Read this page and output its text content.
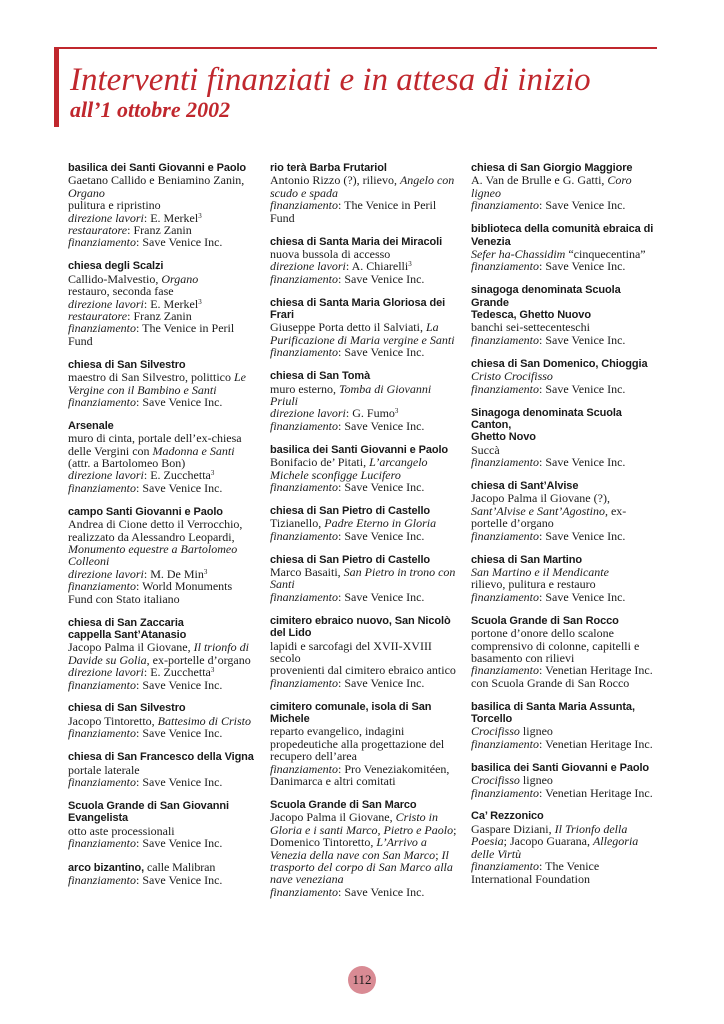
Interventi finanziati e in attesa di inizio
all’1 ottobre 2002
basilica dei Santi Giovanni e Paolo
Gaetano Callido e Beniamino Zanin,
Organo
pulitura e ripristino
direzione lavori: E. Merkel$^3$
restauratore: Franz Zanin
finanziamento: Save Venice Inc.
chiesa degli Scalzi
Callido-Malvestio, Organo
restauro, seconda fase
direzione lavori: E. Merkel$^3$
restauratore: Franz Zanin
finanziamento: The Venice in Peril
Fund
chiesa di San Silvestro
maestro di San Silvestro, polittico Le
Vergine con il Bambino e Santi
finanziamento: Save Venice Inc.
Arsenale
muro di cinta, portale dell’ex-chiesa
delle Vergini con Madonna e Santi
(attr. a Bartolomeo Bon)
direzione lavori: E. Zucchetta$^3$
finanziamento: Save Venice Inc.
campo Santi Giovanni e Paolo
Andrea di Cione detto il Verrocchio,
realizzato da Alessandro Leopardi,
Monumento equestre a Bartolomeo
Colleoni
direzione lavori: M. De Min$^3$
finanziamento: World Monuments
Fund con Stato italiano
chiesa di San Zaccaria
cappella Sant’Atanasio
Jacopo Palma il Giovane, Il trionfo di
Davide su Golia, ex-portelle d’organo
direzione lavori: E. Zucchetta$^3$
finanziamento: Save Venice Inc.
chiesa di San Silvestro
Jacopo Tintoretto, Battesimo di Cristo
finanziamento: Save Venice Inc.
chiesa di San Francesco della Vigna
portale laterale
finanziamento: Save Venice Inc.
Scuola Grande di San Giovanni
Evangelista
otto aste processionali
finanziamento: Save Venice Inc.
arco bizantino, calle Malibran
finanziamento: Save Venice Inc.
rio terà Barba Frutariol
Antonio Rizzo (?), rilievo, Angelo con
scudo e spada
finanziamento: The Venice in Peril
Fund
chiesa di Santa Maria dei Miracoli
nuova bussola di accesso
direzione lavori: A. Chiarelli$^3$
finanziamento: Save Venice Inc.
chiesa di Santa Maria Gloriosa dei
Frari
Giuseppe Porta detto il Salviati, La
Purificazione di Maria vergine e Santi
finanziamento: Save Venice Inc.
chiesa di San Tomà
muro esterno, Tomba di Giovanni
Priuli
direzione lavori: G. Fumo$^3$
finanziamento: Save Venice Inc.
basilica dei Santi Giovanni e Paolo
Bonifacio de’ Pitati, L’arcangelo
Michele sconfigge Lucifero
finanziamento: Save Venice Inc.
chiesa di San Pietro di Castello
Tizianello, Padre Eterno in Gloria
finanziamento: Save Venice Inc.
chiesa di San Pietro di Castello
Marco Basaiti, San Pietro in trono con
Santi
finanziamento: Save Venice Inc.
cimitero ebraico nuovo, San Nicolò
del Lido
lapidi e sarcofagi del XVII-XVIII secolo
provenienti dal cimitero ebraico antico
finanziamento: Save Venice Inc.
cimitero comunale, isola di San
Michele
reparto evangelico, indagini
propedeutiche alla progettazione del
recupero dell’area
finanziamento: Pro Veneziakomitéen,
Danimarca e altri comitati
Scuola Grande di San Marco
Jacopo Palma il Giovane, Cristo in
Gloria e i santi Marco, Pietro e Paolo;
Domenico Tintoretto, L’Arrivo a
Venezia della nave con San Marco; Il
trasporto del corpo di San Marco alla
nave veneziana
finanziamento: Save Venice Inc.
chiesa di San Giorgio Maggiore
A. Van de Brulle e G. Gatti, Coro
ligneo
finanziamento: Save Venice Inc.
biblioteca della comunità ebraica di
Venezia
Sefer ha-Chassidim “cinquecentina”
finanziamento: Save Venice Inc.
sinagoga denominata Scuola Grande
Tedesca, Ghetto Nuovo
banchi sei-settecenteschi
finanziamento: Save Venice Inc.
chiesa di San Domenico, Chioggia
Cristo Crocifisso
finanziamento: Save Venice Inc.
Sinagoga denominata Scuola Canton,
Ghetto Novo
Succà
finanziamento: Save Venice Inc.
chiesa di Sant’Alvise
Jacopo Palma il Giovane (?),
Sant’Alvise e Sant’Agostino, ex-
portelle d’organo
finanziamento: Save Venice Inc.
chiesa di San Martino
San Martino e il Mendicante
rilievo, pulitura e restauro
finanziamento: Save Venice Inc.
Scuola Grande di San Rocco
portone d’onore dello scalone
comprensivo di colonne, capitelli e
basamento con rilievi
finanziamento: Venetian Heritage Inc.
con Scuola Grande di San Rocco
basilica di Santa Maria Assunta,
Torcello
Crocifisso ligneo
finanziamento: Venetian Heritage Inc.
basilica dei Santi Giovanni e Paolo
Crocifisso ligneo
finanziamento: Venetian Heritage Inc.
Ca’ Rezzonico
Gaspare Diziani, Il Trionfo della
Poesia; Jacopo Guarana, Allegoria
delle Virtù
finanziamento: The Venice
International Foundation
112
